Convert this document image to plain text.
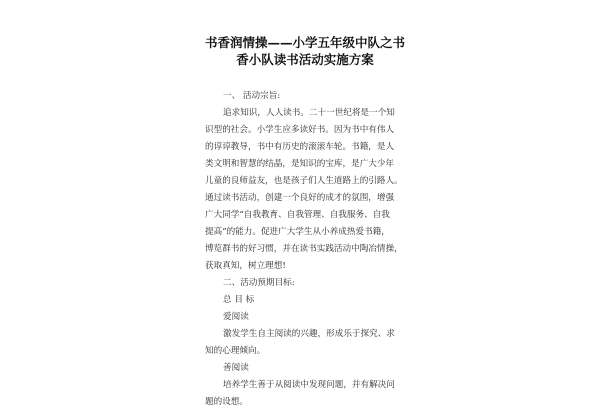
书香润情操——小学五年级中队之书
香小队读书活动实施方案
一、 活动宗旨:
追求知识，人人读书。二十一世纪将是一个知
识型的社会。小学生应多读好书。因为书中有伟人
的谆谆教导，书中有历史的滚滚车轮。书籍，是人
类文明和智慧的结晶，是知识的宝库，是广大少年
儿童的良师益友，也是孩子们人生道路上的引路人。
通过读书活动，创建一个良好的成才的氛围，增强
广大同学“自我教育、自我管理、自我服务、自我
提高”的能力。促进广大学生从小养成热爱书籍，
博览群书的好习惯，并在读书实践活动中陶冶情操，
获取真知，树立理想!
二、活动预期目标:
总 目 标
爱阅读
激发学生自主阅读的兴趣，形成乐于探究、求
知的心理倾向。
善阅读
培养学生善于从阅读中发现问题，并有解决问
题的设想。
